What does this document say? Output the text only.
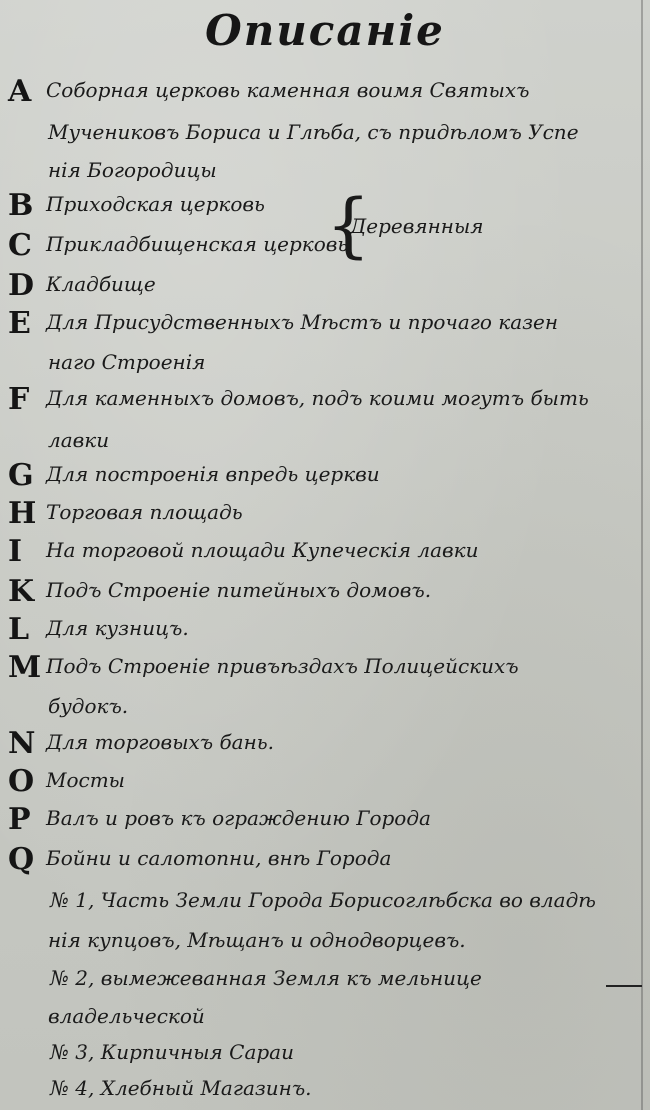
Описаніе
A Соборная церковь каменная воимя Святыхъ
Мучениковъ Бориса и Глѣба, съ придѣломъ Успе
нія Богородицы
B Приходская церковь
C Прикладбищенская церковь
{
Деревянныя
D Кладбище
E Для Присудственныхъ Мѣстъ и прочаго казен
наго Строенія
F Для каменныхъ домовъ, подъ коими могутъ быть
лавки
G Для построенія впредь церкви
H Торговая площадь
I	На торговой площади Купеческія лавки
K Подъ Строеніе питейныхъ домовъ.
L Для кузницъ.
M Подъ Строеніе привъѣздахъ Полицейскихъ
будокъ.
N Для торговыхъ бань.
O Мосты
P Валъ и ровъ къ ограждению Города
Q Бойни и салотопни, внѣ Города
№ 1, Часть Земли Города Борисоглѣбска во владѣ
нія купцовъ, Мѣщанъ и однодворцевъ.
№ 2, вымежеванная Земля къ мельнице
владельческой
№ 3, Кирпичныя Сараи
№ 4, Хлебный Магазинъ.
